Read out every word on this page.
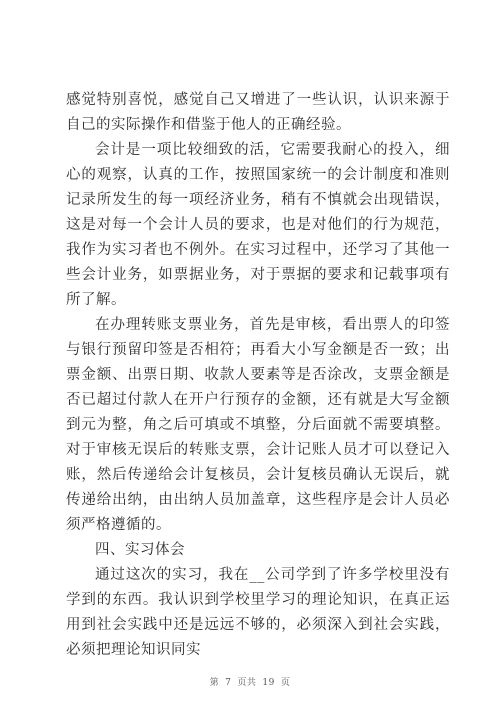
感觉特别喜悦，感觉自己又增进了一些认识，认识来源于自己的实际操作和借鉴于他人的正确经验。

会计是一项比较细致的活，它需要我耐心的投入，细心的观察，认真的工作，按照国家统一的会计制度和准则记录所发生的每一项经济业务，稍有不慎就会出现错误，这是对每一个会计人员的要求，也是对他们的行为规范，我作为实习者也不例外。在实习过程中，还学习了其他一些会计业务，如票据业务，对于票据的要求和记载事项有所了解。

在办理转账支票业务，首先是审核，看出票人的印签与银行预留印签是否相符；再看大小写金额是否一致；出票金额、出票日期、收款人要素等是否涂改，支票金额是否已超过付款人在开户行预存的金额，还有就是大写金额到元为整，角之后可填或不填整，分后面就不需要填整。对于审核无误后的转账支票，会计记账人员才可以登记入账，然后传递给会计复核员，会计复核员确认无误后，就传递给出纳，由出纳人员加盖章，这些程序是会计人员必须严格遵循的。

四、实习体会

通过这次的实习，我在__公司学到了许多学校里没有学到的东西。我认识到学校里学习的理论知识，在真正运用到社会实践中还是远远不够的，必须深入到社会实践，必须把理论知识同实

第 7 页共 19 页
